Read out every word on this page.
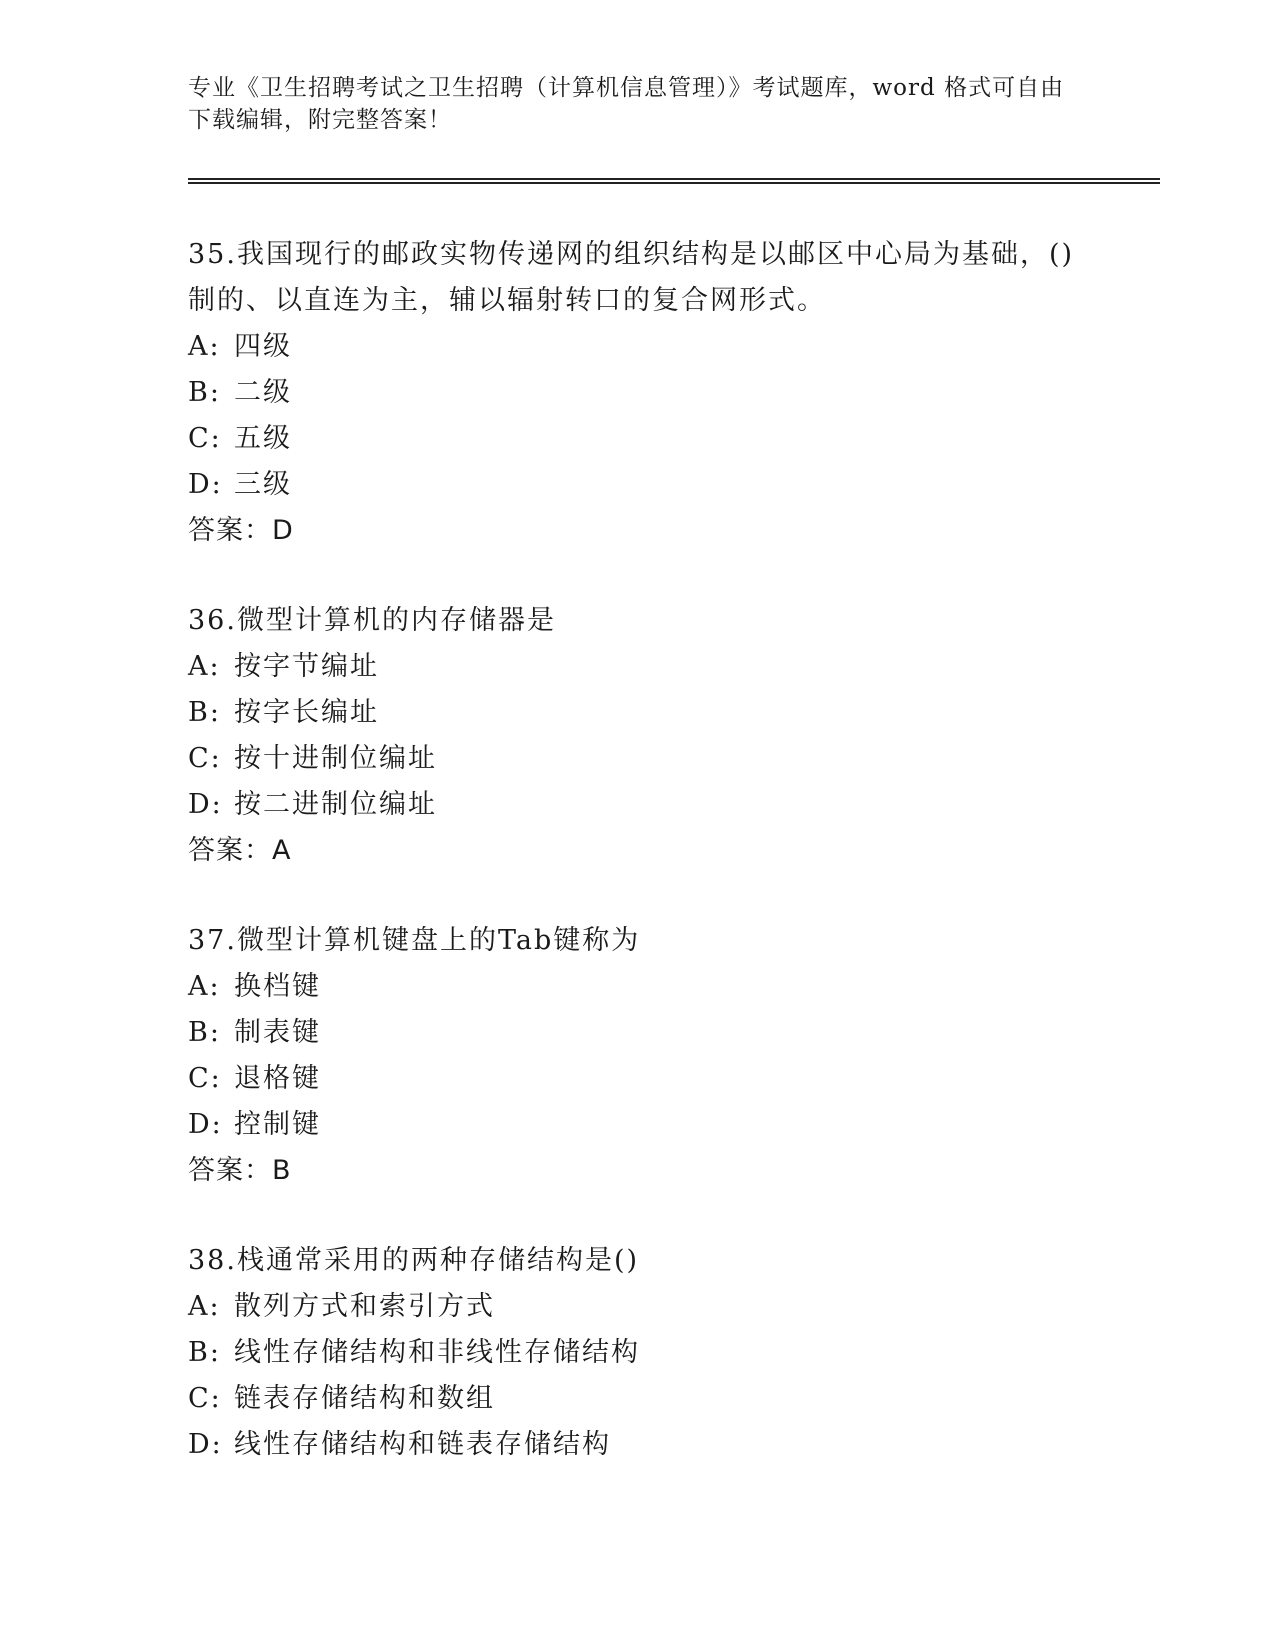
专业《卫生招聘考试之卫生招聘（计算机信息管理）》考试题库，word 格式可自由下载编辑，附完整答案！

35.我国现行的邮政实物传递网的组织结构是以邮区中心局为基础，()制的、以直连为主，辅以辐射转口的复合网形式。

A: 四级

B: 二级

C: 五级

D: 三级

答案：D

36.微型计算机的内存储器是

A: 按字节编址

B: 按字长编址

C: 按十进制位编址

D: 按二进制位编址

答案：A

37.微型计算机键盘上的Tab键称为

A: 换档键

B: 制表键

C: 退格键

D: 控制键

答案：B

38.栈通常采用的两种存储结构是()

A: 散列方式和索引方式

B: 线性存储结构和非线性存储结构

C: 链表存储结构和数组

D: 线性存储结构和链表存储结构
